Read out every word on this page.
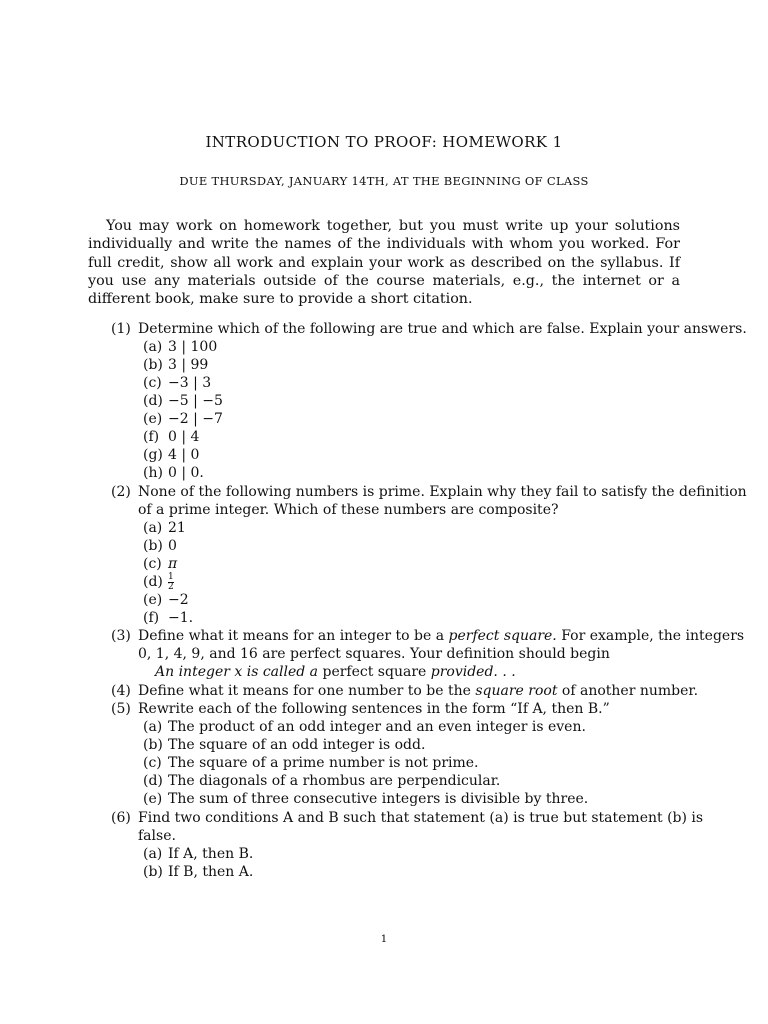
INTRODUCTION TO PROOF: HOMEWORK 1
DUE THURSDAY, JANUARY 14TH, AT THE BEGINNING OF CLASS
You may work on homework together, but you must write up your solutions individually and write the names of the individuals with whom you worked. For full credit, show all work and explain your work as described on the syllabus. If you use any materials outside of the course materials, e.g., the internet or a different book, make sure to provide a short citation.
(1) Determine which of the following are true and which are false. Explain your answers.
(a) 3 | 100
(b) 3 | 99
(c) −3 | 3
(d) −5 | −5
(e) −2 | −7
(f) 0 | 4
(g) 4 | 0
(h) 0 | 0.
(2) None of the following numbers is prime. Explain why they fail to satisfy the definition
of a prime integer. Which of these numbers are composite?
(a) 21
(b) 0
(c) π
$(d) \frac{1}{2}$
(e) −2
(f) −1.
(3) Define what it means for an integer to be a perfect square. For example, the integers
0, 1, 4, 9, and 16 are perfect squares. Your definition should begin
An integer x is called a perfect square provided. . .
(4) Define what it means for one number to be the square root of another number.
(5) Rewrite each of the following sentences in the form “If A, then B.”
(a) The product of an odd integer and an even integer is even.
(b) The square of an odd integer is odd.
(c) The square of a prime number is not prime.
(d) The diagonals of a rhombus are perpendicular.
(e) The sum of three consecutive integers is divisible by three.
(6) Find two conditions A and B such that statement (a) is true but statement (b) is
false.
(a) If A, then B.
(b) If B, then A.
1
